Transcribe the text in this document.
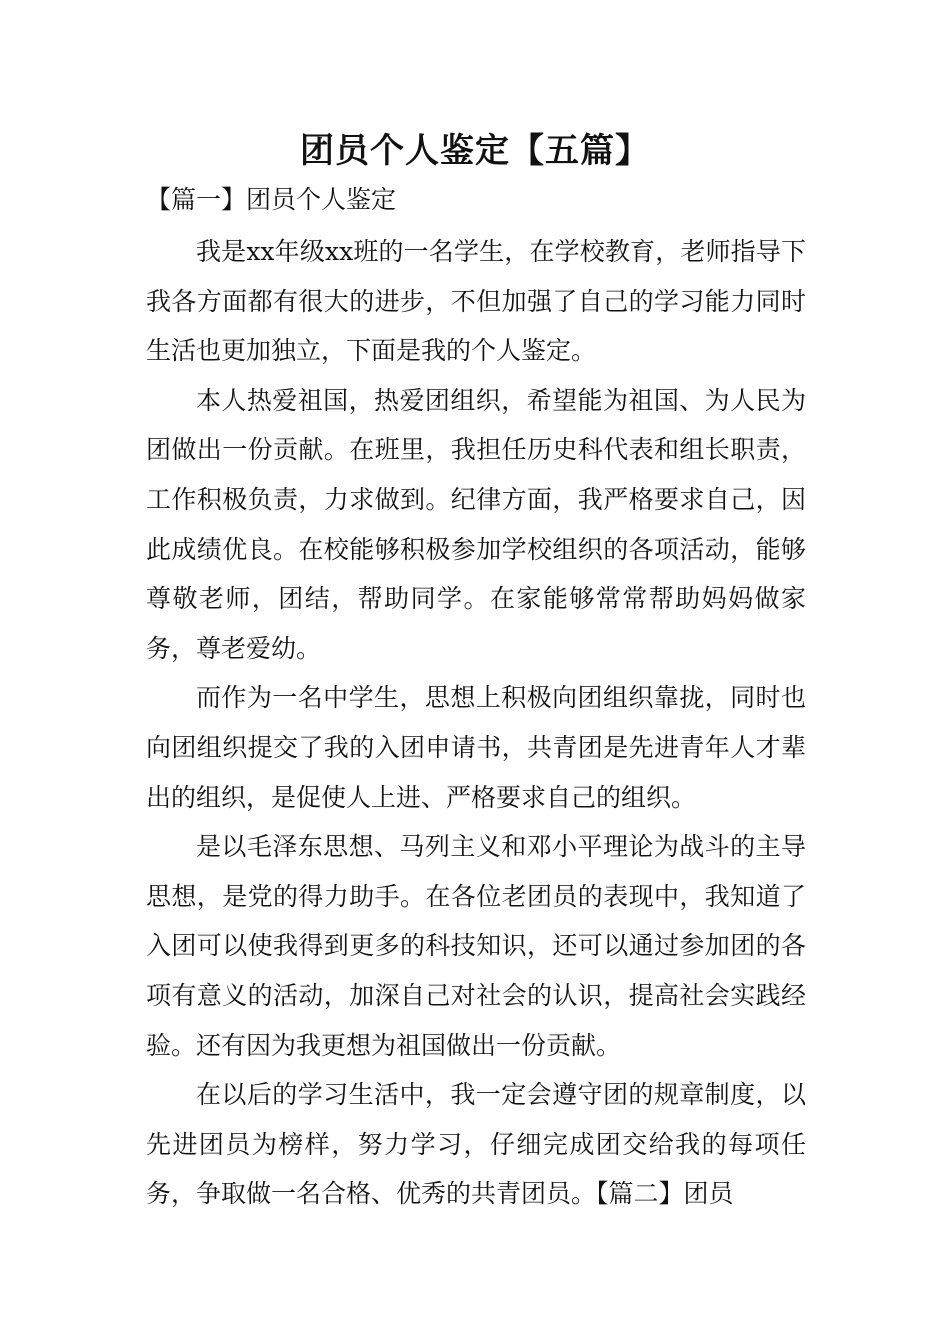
团员个人鉴定【五篇】
【篇一】团员个人鉴定

我是xx年级xx班的一名学生，在学校教育，老师指导下我各方面都有很大的进步，不但加强了自己的学习能力同时生活也更加独立，下面是我的个人鉴定。

本人热爱祖国，热爱团组织，希望能为祖国、为人民为团做出一份贡献。在班里，我担任历史科代表和组长职责，工作积极负责，力求做到。纪律方面，我严格要求自己，因此成绩优良。在校能够积极参加学校组织的各项活动，能够尊敬老师，团结，帮助同学。在家能够常常帮助妈妈做家务，尊老爱幼。

而作为一名中学生，思想上积极向团组织靠拢，同时也向团组织提交了我的入团申请书，共青团是先进青年人才辈出的组织，是促使人上进、严格要求自己的组织。

是以毛泽东思想、马列主义和邓小平理论为战斗的主导思想，是党的得力助手。在各位老团员的表现中，我知道了入团可以使我得到更多的科技知识，还可以通过参加团的各项有意义的活动，加深自己对社会的认识，提高社会实践经验。还有因为我更想为祖国做出一份贡献。

在以后的学习生活中，我一定会遵守团的规章制度，以先进团员为榜样，努力学习，仔细完成团交给我的每项任务，争取做一名合格、优秀的共青团员。【篇二】团员
